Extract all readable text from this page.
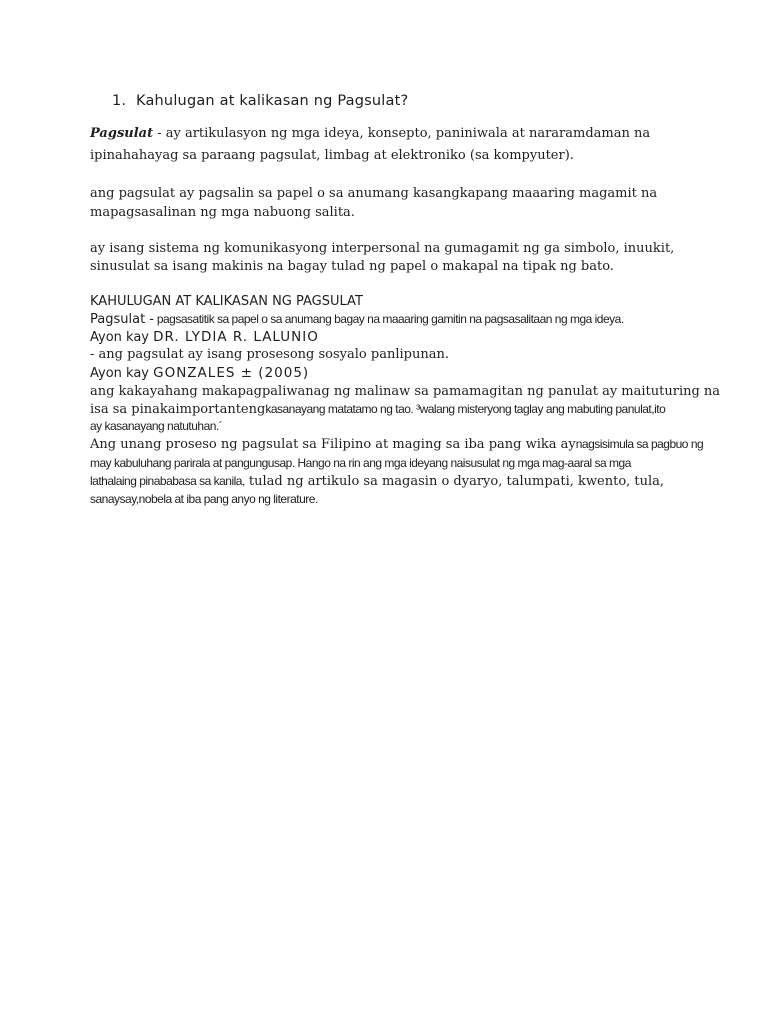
1. Kahulugan at kalikasan ng Pagsulat?
Pagsulat - ay artikulasyon ng mga ideya, konsepto, paniniwala at nararamdaman na
ipinahahayag sa paraang pagsulat, limbag at elektroniko (sa kompyuter).
ang pagsulat ay pagsalin sa papel o sa anumang kasangkapang maaaring magamit na
mapagsasalinan ng mga nabuong salita.
ay isang sistema ng komunikasyong interpersonal na gumagamit ng ga simbolo, inuukit,
sinusulat sa isang makinis na bagay tulad ng papel o makapal na tipak ng bato.
KAHULUGAN AT KALIKASAN NG PAGSULAT
Pagsulat - pagsasatitik sa papel o sa anumang bagay na maaaring gamitin na pagsasalitaan ng mga ideya.
Ayon kay DR. LYDIA R. LALUNIO
- ang pagsulat ay isang prosesong sosyalo panlipunan.
Ayon kay GONZALES ± (2005)
ang kakayahang makapagpaliwanag ng malinaw sa pamamagitan ng panulat ay maituturing na
isa sa pinakaimportantengkasanayang matatamo ng tao. ³walang misteryong taglay ang mabuting panulat,ito
ay kasanayang natutuhan.´
Ang unang proseso ng pagsulat sa Filipino at maging sa iba pang wika aynagsisimula sa pagbuo ng
may kabuluhang parirala at pangungusap. Hango na rin ang mga ideyang naisusulat ng mga mag-aaral sa mga
lathalaing pinababasa sa kanila, tulad ng artikulo sa magasin o dyaryo, talumpati, kwento, tula,
sanaysay,nobela at iba pang anyo ng literature.
